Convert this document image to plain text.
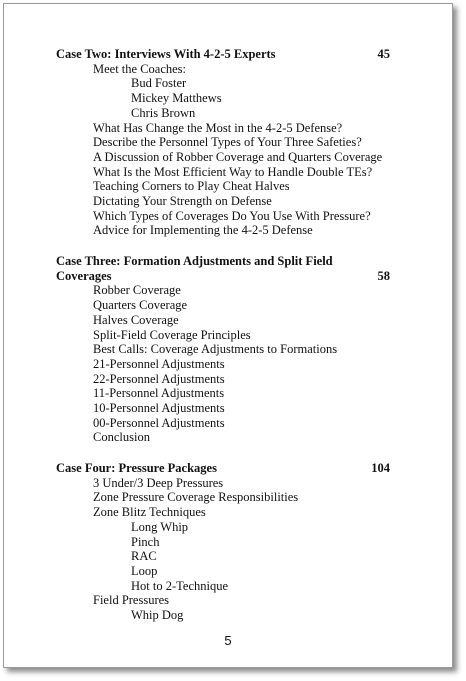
Case Two: Interviews With 4-2-5 Experts	45
Meet the Coaches:
Bud Foster
Mickey Matthews
Chris Brown
What Has Change the Most in the 4-2-5 Defense?
Describe the Personnel Types of Your Three Safeties?
A Discussion of Robber Coverage and Quarters Coverage
What Is the Most Efficient Way to Handle Double TEs?
Teaching Corners to Play Cheat Halves
Dictating Your Strength on Defense
Which Types of Coverages Do You Use With Pressure?
Advice for Implementing the 4-2-5 Defense
Case Three: Formation Adjustments and Split Field
Coverages	58
Robber Coverage
Quarters Coverage
Halves Coverage
Split-Field Coverage Principles
Best Calls: Coverage Adjustments to Formations
21-Personnel Adjustments
22-Personnel Adjustments
11-Personnel Adjustments
10-Personnel Adjustments
00-Personnel Adjustments
Conclusion
Case Four: Pressure Packages	104
3 Under/3 Deep Pressures
Zone Pressure Coverage Responsibilities
Zone Blitz Techniques
Long Whip
Pinch
RAC
Loop
Hot to 2-Technique
Field Pressures
Whip Dog
5
